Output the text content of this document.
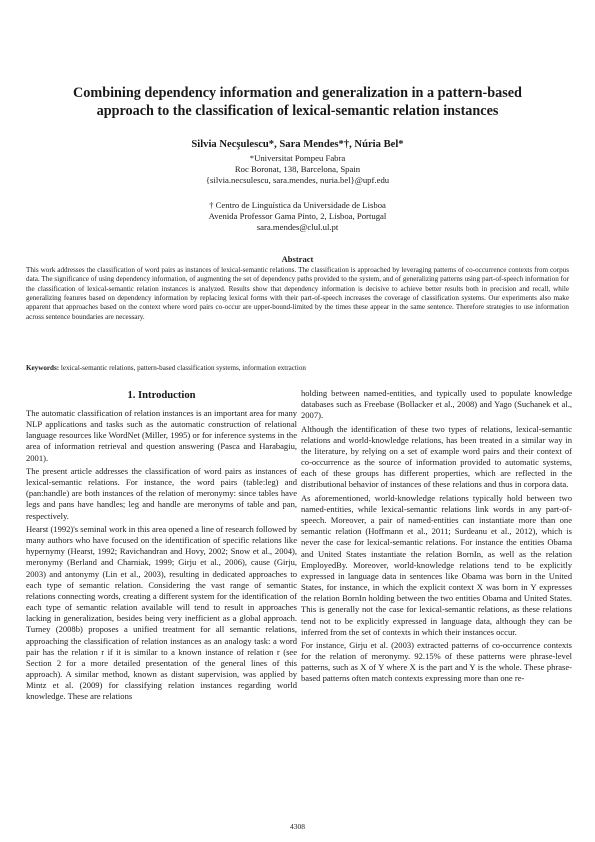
Combining dependency information and generalization in a pattern-based
approach to the classification of lexical-semantic relation instances
Silvia Necşulescu*, Sara Mendes*†, Núria Bel*
*Universitat Pompeu Fabra
Roc Boronat, 138, Barcelona, Spain
{silvia.necsulescu, sara.mendes, nuria.bel}@upf.edu
† Centro de Linguística da Universidade de Lisboa
Avenida Professor Gama Pinto, 2, Lisboa, Portugal
sara.mendes@clul.ul.pt
Abstract
This work addresses the classification of word pairs as instances of lexical-semantic relations. The classification is approached by leveraging patterns of co-occurrence contexts from corpus data. The significance of using dependency information, of augmenting the set of dependency paths provided to the system, and of generalizing patterns using part-of-speech information for the classification of lexical-semantic relation instances is analyzed. Results show that dependency information is decisive to achieve better results both in precision and recall, while generalizing features based on dependency information by replacing lexical forms with their part-of-speech increases the coverage of classification systems. Our experiments also make apparent that approaches based on the context where word pairs co-occur are upper-bound-limited by the times these appear in the same sentence. Therefore strategies to use information across sentence boundaries are necessary.
Keywords: lexical-semantic relations, pattern-based classification systems, information extraction
1. Introduction

The automatic classification of relation instances is an important area for many NLP applications and tasks such as the automatic construction of relational language resources like WordNet (Miller, 1995) or for inference systems in the area of information retrieval and question answering (Pasca and Harabagiu, 2001).

The present article addresses the classification of word pairs as instances of lexical-semantic relations. For instance, the word pairs (table:leg) and (pan:handle) are both instances of the relation of meronymy: since tables have legs and pans have handles; leg and handle are meronyms of table and pan, respectively.

Hearst (1992)'s seminal work in this area opened a line of research followed by many authors who have focused on the identification of specific relations like hypernymy (Hearst, 1992; Ravichandran and Hovy, 2002; Snow et al., 2004), meronymy (Berland and Charniak, 1999; Girju et al., 2006), cause (Girju, 2003) and antonymy (Lin et al., 2003), resulting in dedicated approaches to each type of semantic relation. Considering the vast range of semantic relations connecting words, creating a different system for the identification of each type of semantic relation available will tend to result in approaches lacking in generalization, besides being very inefficient as a global approach. Turney (2008b) proposes a unified treatment for all semantic relations, approaching the classification of relation instances as an analogy task: a word pair has the relation r if it is similar to a known instance of relation r (see Section 2 for a more detailed presentation of the general lines of this approach). A similar method, known as distant supervision, was applied by Mintz et al. (2009) for classifying relation instances regarding world knowledge. These are relations

holding between named-entities, and typically used to populate knowledge databases such as Freebase (Bollacker et al., 2008) and Yago (Suchanek et al., 2007).

Although the identification of these two types of relations, lexical-semantic relations and world-knowledge relations, has been treated in a similar way in the literature, by relying on a set of example word pairs and their context of co-occurrence as the source of information provided to automatic systems, each of these groups has different properties, which are reflected in the distributional behavior of instances of these relations and thus in corpora data.

As aforementioned, world-knowledge relations typically hold between two named-entities, while lexical-semantic relations link words in any part-of-speech. Moreover, a pair of named-entities can instantiate more than one semantic relation (Hoffmann et al., 2011; Surdeanu et al., 2012), which is never the case for lexical-semantic relations. For instance the entities Obama and United States instantiate the relation BornIn, as well as the relation EmployedBy. Moreover, world-knowledge relations tend to be explicitly expressed in language data in sentences like Obama was born in the United States, for instance, in which the explicit context X was born in Y expresses the relation BornIn holding between the two entities Obama and United States. This is generally not the case for lexical-semantic relations, as these relations tend not to be explicitly expressed in language data, although they can be inferred from the set of contexts in which their instances occur.

For instance, Girju et al. (2003) extracted patterns of co-occurrence contexts for the relation of meronymy. 92.15% of these patterns were phrase-level patterns, such as X of Y where X is the part and Y is the whole. These phrase-based patterns often match contexts expressing more than one re-

4308
